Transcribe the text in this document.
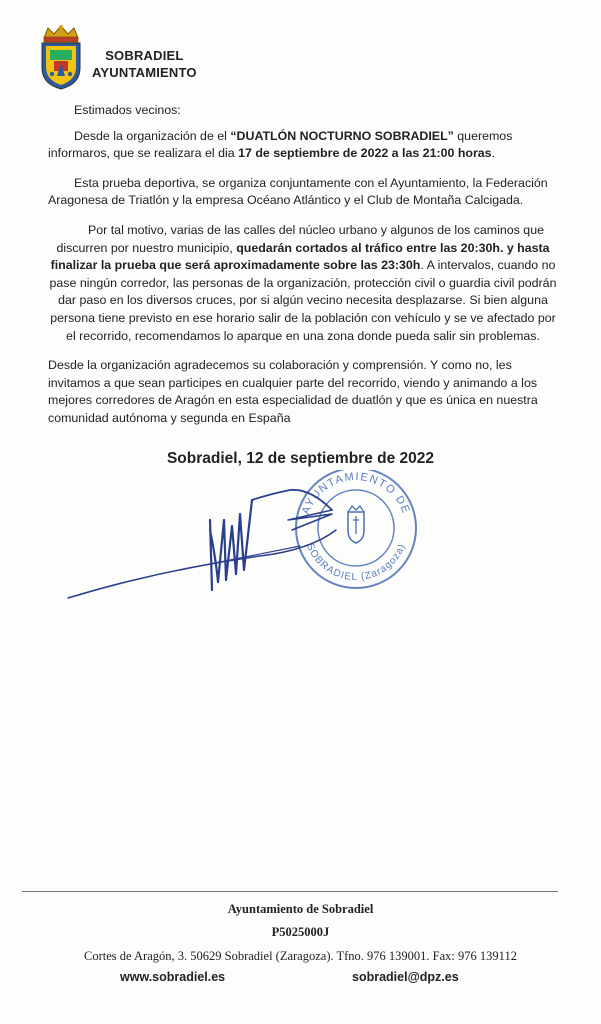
SOBRADIEL
AYUNTAMIENTO

Estimados vecinos:

Desde la organización de el “DUATLÓN NOCTURNO SOBRADIEL” queremos informaros, que se realizara el dia 17 de septiembre de 2022 a las 21:00 horas.

Esta prueba deportiva, se organiza conjuntamente con el Ayuntamiento, la Federación Aragonesa de Triatlón y la empresa Océano Atlántico y el Club de Montaña Calcigada.

Por tal motivo, varias de las calles del núcleo urbano y algunos de los caminos que discurren por nuestro municipio, quedarán cortados al tráfico entre las 20:30h. y hasta finalizar la prueba que será aproximadamente sobre las 23:30h. A intervalos, cuando no pase ningún corredor, las personas de la organización, protección civil o guardia civil podrán dar paso en los diversos cruces, por si algún vecino necesita desplazarse. Si bien alguna persona tiene previsto en ese horario salir de la población con vehículo y se ve afectado por el recorrido, recomendamos lo aparque en una zona donde pueda salir sin problemas.

Desde la organización agradecemos su colaboración y comprensión. Y como no, les invitamos a que sean participes en cualquier parte del recorrido, viendo y animando a los mejores corredores de Aragón en esta especialidad de duatlón y que es única en nuestra comunidad autónoma y segunda en España

Sobradiel, 12 de septiembre de 2022
AYUNTAMIENTO DE
SOBRADIEL (Zaragoza)
Ayuntamiento de Sobradiel
P5025000J
Cortes de Aragón, 3. 50629 Sobradiel (Zaragoza). Tfno. 976 139001. Fax: 976 139112
www.sobradiel.es	sobradiel@dpz.es
